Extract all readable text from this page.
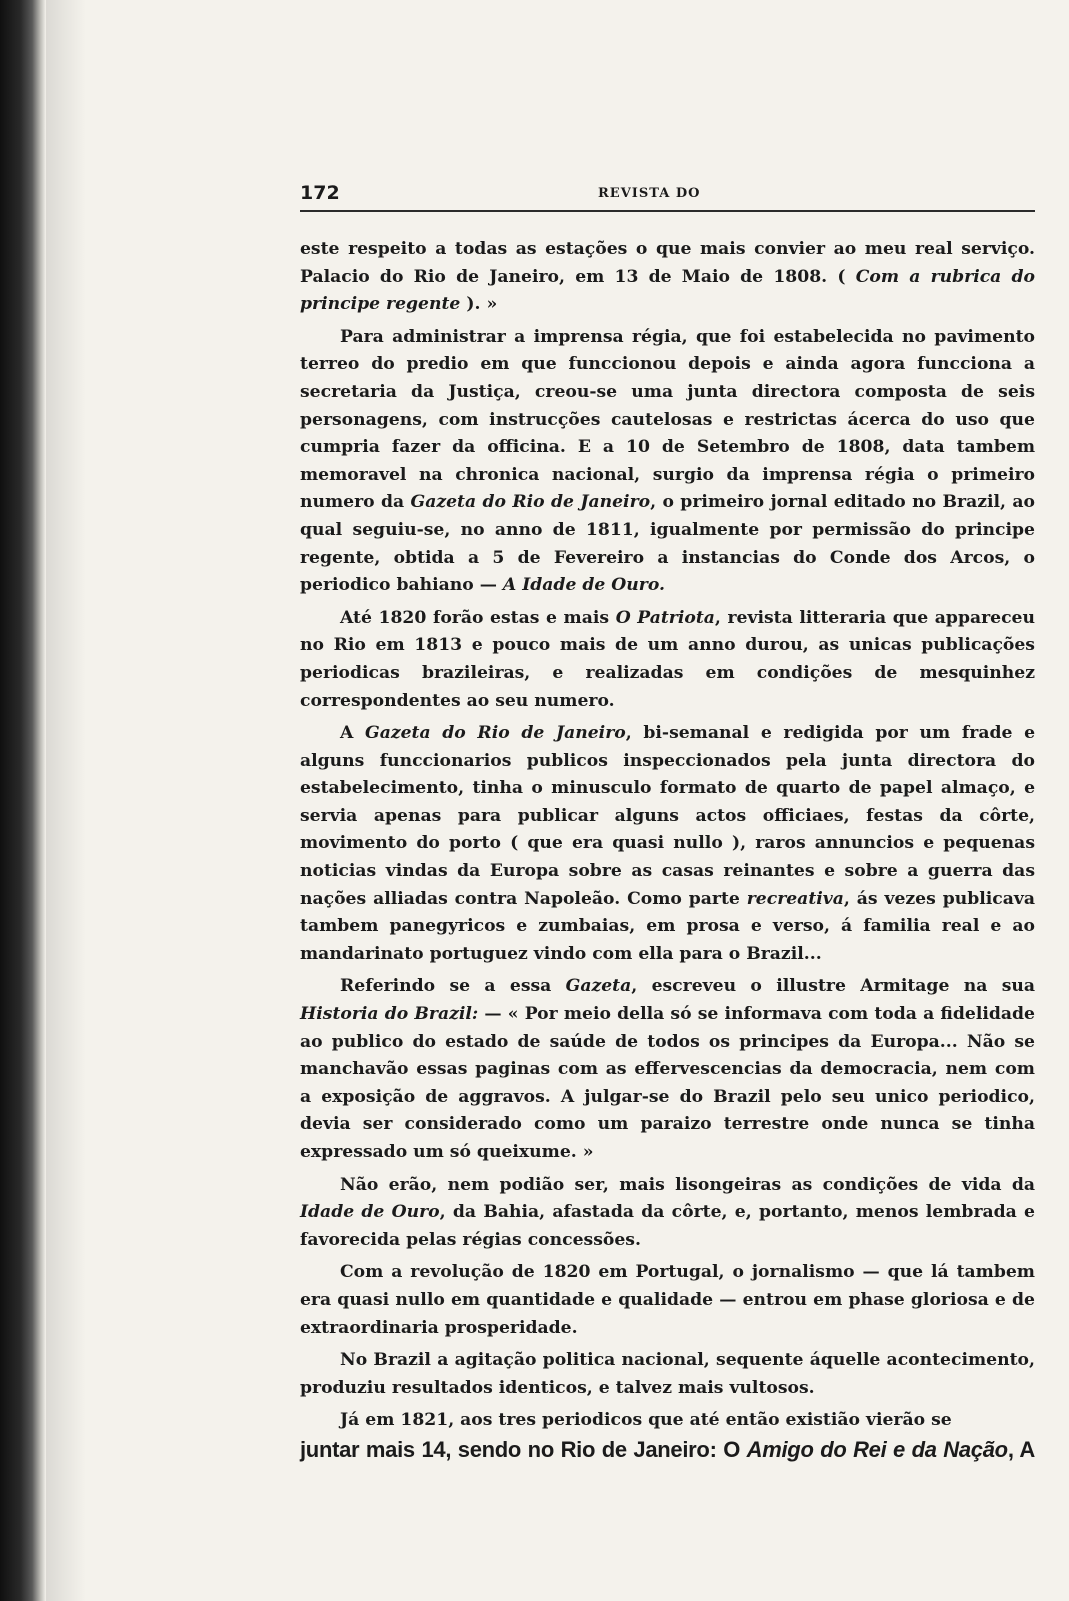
172	REVISTA DO

este respeito a todas as estações o que mais convier ao meu real serviço. Palacio do Rio de Janeiro, em 13 de Maio de 1808. ( Com a rubrica do principe regente ). »

Para administrar a imprensa régia, que foi estabelecida no pavimento terreo do predio em que funccionou depois e ainda agora funcciona a secretaria da Justiça, creou-se uma junta directora composta de seis personagens, com instrucções cautelosas e restrictas ácerca do uso que cumpria fazer da officina. E a 10 de Setembro de 1808, data tambem memoravel na chronica nacional, surgio da imprensa régia o primeiro numero da Gazeta do Rio de Janeiro, o primeiro jornal editado no Brazil, ao qual seguiu-se, no anno de 1811, igualmente por permissão do principe regente, obtida a 5 de Fevereiro a instancias do Conde dos Arcos, o periodico bahiano — A Idade de Ouro.

Até 1820 forão estas e mais O Patriota, revista litteraria que appareceu no Rio em 1813 e pouco mais de um anno durou, as unicas publicações periodicas brazileiras, e realizadas em condições de mesquinhez correspondentes ao seu numero.

A Gazeta do Rio de Janeiro, bi-semanal e redigida por um frade e alguns funccionarios publicos inspeccionados pela junta directora do estabelecimento, tinha o minusculo formato de quarto de papel almaço, e servia apenas para publicar alguns actos officiaes, festas da côrte, movimento do porto ( que era quasi nullo ), raros annuncios e pequenas noticias vindas da Europa sobre as casas reinantes e sobre a guerra das nações alliadas contra Napoleão. Como parte recreativa, ás vezes publicava tambem panegyricos e zumbaias, em prosa e verso, á familia real e ao mandarinato portuguez vindo com ella para o Brazil...

Referindo se a essa Gazeta, escreveu o illustre Armitage na sua Historia do Brazil: — « Por meio della só se informava com toda a fidelidade ao publico do estado de saúde de todos os principes da Europa... Não se manchavão essas paginas com as effervescencias da democracia, nem com a exposição de aggravos. A julgar-se do Brazil pelo seu unico periodico, devia ser considerado como um paraizo terrestre onde nunca se tinha expressado um só queixume. »

Não erão, nem podião ser, mais lisongeiras as condições de vida da Idade de Ouro, da Bahia, afastada da côrte, e, portanto, menos lembrada e favorecida pelas régias concessões.

Com a revolução de 1820 em Portugal, o jornalismo — que lá tambem era quasi nullo em quantidade e qualidade — entrou em phase gloriosa e de extraordinaria prosperidade.

No Brazil a agitação politica nacional, sequente áquelle acontecimento, produziu resultados identicos, e talvez mais vultosos.

Já em 1821, aos tres periodicos que até então existião vierão se

juntar mais 14, sendo no Rio de Janeiro: O Amigo do Rei e da Nação, A
